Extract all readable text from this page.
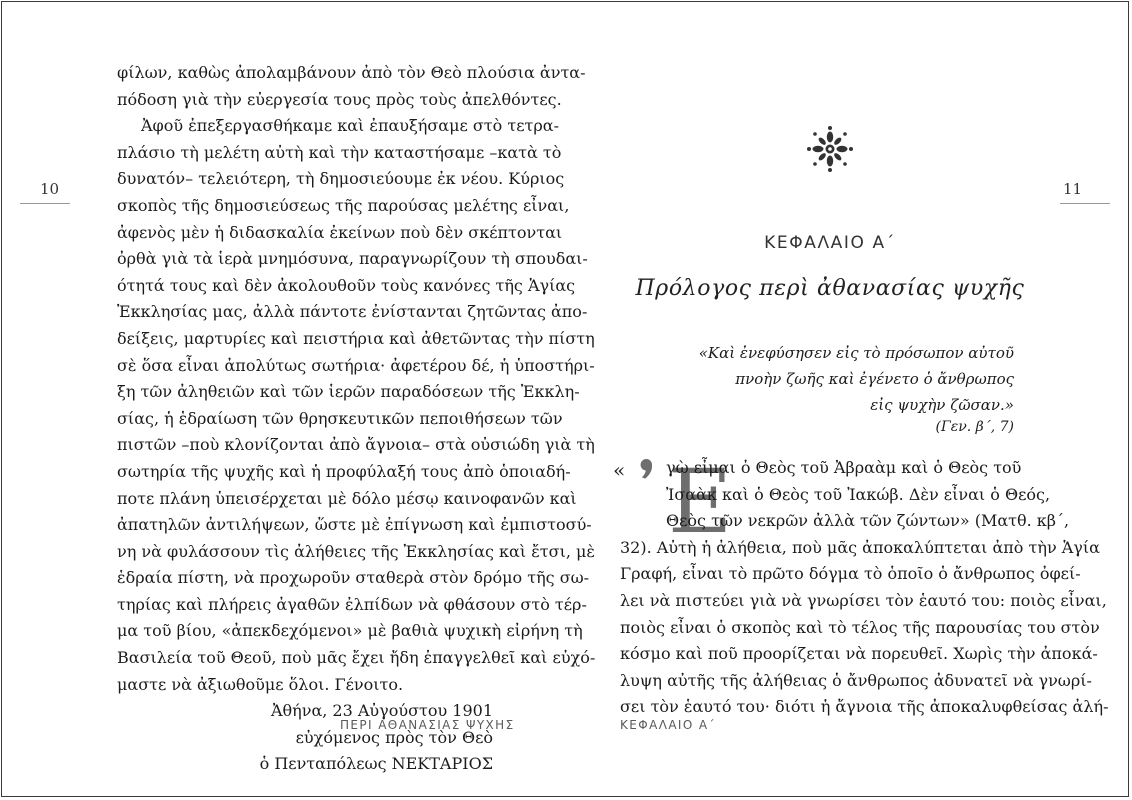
10
φίλων, καθὼς ἀπολαμβάνουν ἀπὸ τὸν Θεὸ πλούσια ἀντα-
πόδοση γιὰ τὴν εὐεργεσία τους πρὸς τοὺς ἀπελθόντες.
Ἀφοῦ ἐπεξεργασθήκαμε καὶ ἐπαυξήσαμε στὸ τετρα-
πλάσιο τὴ μελέτη αὐτὴ καὶ τὴν καταστήσαμε –κατὰ τὸ
δυνατόν– τελειότερη, τὴ δημοσιεύουμε ἐκ νέου. Κύριος
σκοπὸς τῆς δημοσιεύσεως τῆς παρούσας μελέτης εἶναι,
ἀφενὸς μὲν ἡ διδασκαλία ἐκείνων ποὺ δὲν σκέπτονται
ὀρθὰ γιὰ τὰ ἱερὰ μνημόσυνα, παραγνωρίζουν τὴ σπουδαι-
ότητά τους καὶ δὲν ἀκολουθοῦν τοὺς κανόνες τῆς Ἁγίας
Ἐκκλησίας μας, ἀλλὰ πάντοτε ἐνίστανται ζητῶντας ἀπο-
δείξεις, μαρτυρίες καὶ πειστήρια καὶ ἀθετῶντας τὴν πίστη
σὲ ὅσα εἶναι ἀπολύτως σωτήρια· ἀφετέρου δέ, ἡ ὑποστήρι-
ξη τῶν ἀληθειῶν καὶ τῶν ἱερῶν παραδόσεων τῆς Ἐκκλη-
σίας, ἡ ἑδραίωση τῶν θρησκευτικῶν πεποιθήσεων τῶν
πιστῶν –ποὺ κλονίζονται ἀπὸ ἄγνοια– στὰ οὐσιώδη γιὰ τὴ
σωτηρία τῆς ψυχῆς καὶ ἡ προφύλαξή τους ἀπὸ ὁποιαδή-
ποτε πλάνη ὑπεισέρχεται μὲ δόλο μέσῳ καινοφανῶν καὶ
ἀπατηλῶν ἀντιλήψεων, ὥστε μὲ ἐπίγνωση καὶ ἐμπιστοσύ-
νη νὰ φυλάσσουν τὶς ἀλήθειες τῆς Ἐκκλησίας καὶ ἔτσι, μὲ
ἑδραία πίστη, νὰ προχωροῦν σταθερὰ στὸν δρόμο τῆς σω-
τηρίας καὶ πλήρεις ἀγαθῶν ἐλπίδων νὰ φθάσουν στὸ τέρ-
μα τοῦ βίου, «ἀπεκδεχόμενοι» μὲ βαθιὰ ψυχικὴ εἰρήνη τὴ
Βασιλεία τοῦ Θεοῦ, ποὺ μᾶς ἔχει ἤδη ἐπαγγελθεῖ καὶ εὐχό-
μαστε νὰ ἀξιωθοῦμε ὅλοι. Γένοιτο.
Ἀθήνα, 23 Αὐγούστου 1901
εὐχόμενος πρὸς τὸν Θεὸ
ὁ Πενταπόλεως ΝΕΚΤΑΡΙΟΣ
ΠΕΡΙ ΑΘΑΝΑΣΙΑΣ ΨΥΧΗΣ
11
ΚΕΦΑΛΑΙΟ Α΄
Πρόλογος περὶ ἀθανασίας ψυχῆς
«Καὶ ἐνεφύσησεν εἰς τὸ πρόσωπον αὐτοῦ
πνοὴν ζωῆς καὶ ἐγένετο ὁ ἄνθρωπος
εἰς ψυχὴν ζῶσαν.»
(Γεν. β΄, 7)
«
᾿Ε
γὼ εἶμαι ὁ Θεὸς τοῦ Ἀβραὰμ καὶ ὁ Θεὸς τοῦ
Ἰσαὰκ καὶ ὁ Θεὸς τοῦ Ἰακώβ. Δὲν εἶναι ὁ Θεός,
Θεὸς τῶν νεκρῶν ἀλλὰ τῶν ζώντων» (Ματθ. κβ΄,
32). Αὐτὴ ἡ ἀλήθεια, ποὺ μᾶς ἀποκαλύπτεται ἀπὸ τὴν Ἁγία
Γραφή, εἶναι τὸ πρῶτο δόγμα τὸ ὁποῖο ὁ ἄνθρωπος ὀφεί-
λει νὰ πιστεύει γιὰ νὰ γνωρίσει τὸν ἑαυτό του: ποιὸς εἶναι,
ποιὸς εἶναι ὁ σκοπὸς καὶ τὸ τέλος τῆς παρουσίας του στὸν
κόσμο καὶ ποῦ προορίζεται νὰ πορευθεῖ. Χωρὶς τὴν ἀποκά-
λυψη αὐτῆς τῆς ἀλήθειας ὁ ἄνθρωπος ἀδυνατεῖ νὰ γνωρί-
σει τὸν ἑαυτό του· διότι ἡ ἄγνοια τῆς ἀποκαλυφθείσας ἀλή-
ΚΕΦΑΛΑΙΟ Α΄
